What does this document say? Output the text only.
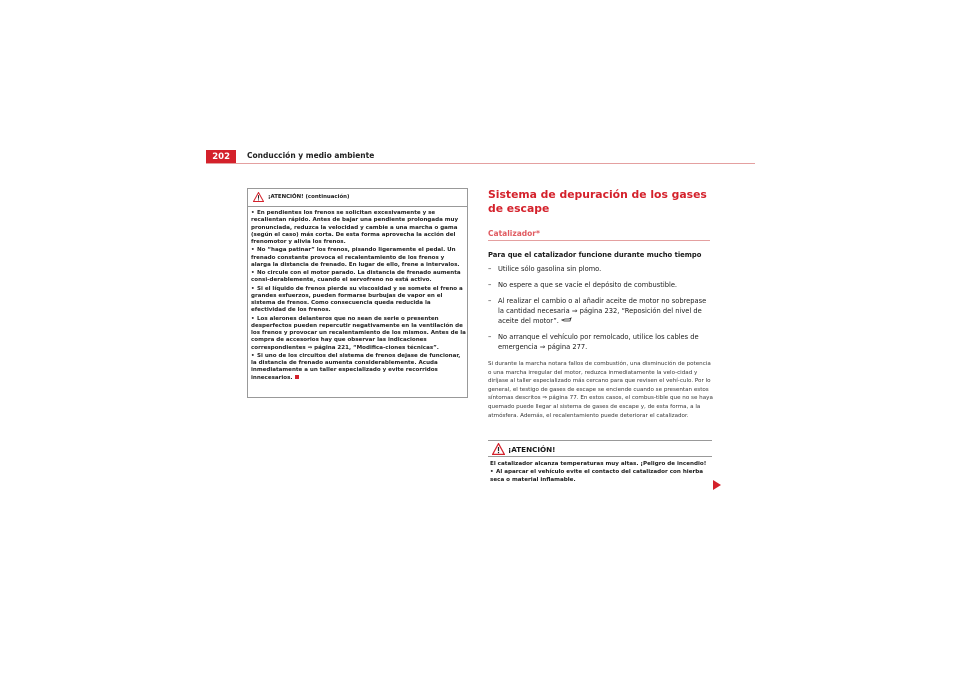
202	Conducción y medio ambiente
¡ATENCIÓN! (continuación)

• En pendientes los frenos se solicitan excesivamente y se recalientan rápido. Antes de bajar una pendiente prolongada muy pronunciada, reduzca la velocidad y cambie a una marcha o gama (según el caso) más corta. De esta forma aprovecha la acción del frenomotor y alivia los frenos.

• No “haga patinar” los frenos, pisando ligeramente el pedal. Un frenado constante provoca el recalentamiento de los frenos y alarga la distancia de frenado. En lugar de ello, frene a intervalos.

• No circule con el motor parado. La distancia de frenado aumenta consi-derablemente, cuando el servofreno no está activo.

• Si el líquido de frenos pierde su viscosidad y se somete el freno a grandes esfuerzos, pueden formarse burbujas de vapor en el sistema de frenos. Como consecuencia queda reducida la efectividad de los frenos.

• Los alerones delanteros que no sean de serie o presenten desperfectos pueden repercutir negativamente en la ventilación de los frenos y provocar un recalentamiento de los mismos. Antes de la compra de accesorios hay que observar las indicaciones correspondientes ⇒ página 221, “Modifica-ciones técnicas”.

• Si uno de los circuitos del sistema de frenos dejase de funcionar, la distancia de frenado aumenta considerablemente. Acuda inmediatamente a un taller especializado y evite recorridos innecesarios.

Sistema de depuración de los gases de escape
Catalizador*
Para que el catalizador funcione durante mucho tiempo
– Utilice sólo gasolina sin plomo.
– No espere a que se vacíe el depósito de combustible.
– Al realizar el cambio o al añadir aceite de motor no sobrepase la cantidad necesaria ⇒ página 232, “Reposición del nivel de aceite del motor”.
– No arranque el vehículo por remolcado, utilice los cables de emergencia ⇒ página 277.
Si durante la marcha notara fallos de combustión, una disminución de potencia o una marcha irregular del motor, reduzca inmediatamente la velo-cidad y diríjase al taller especializado más cercano para que revisen el vehí-culo. Por lo general, el testigo de gases de escape se enciende cuando se presentan estos síntomas descritos ⇒ página 77. En estos casos, el combus-tible que no se haya quemado puede llegar al sistema de gases de escape y, de esta forma, a la atmósfera. Además, el recalentamiento puede deteriorar el catalizador.
¡ATENCIÓN!

El catalizador alcanza temperaturas muy altas. ¡Peligro de incendio!

• Al aparcar el vehículo evite el contacto del catalizador con hierba seca o material inflamable.
